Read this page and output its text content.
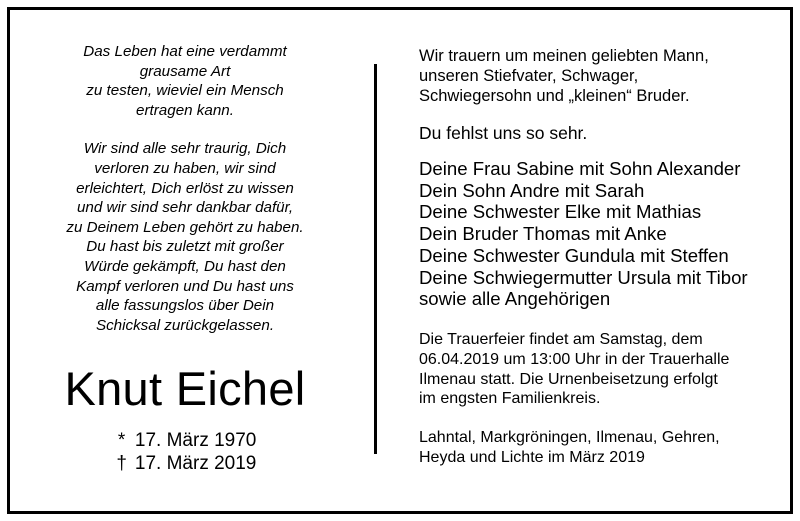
Das Leben hat eine verdammt

grausame Art

zu testen, wieviel ein Mensch

ertragen kann.

Wir sind alle sehr traurig, Dich

verloren zu haben, wir sind

erleichtert, Dich erlöst zu wissen

und wir sind sehr dankbar dafür,

zu Deinem Leben gehört zu haben.

Du hast bis zuletzt mit großer

Würde gekämpft, Du hast den

Kampf verloren und Du hast uns

alle fassungslos über Dein

Schicksal zurückgelassen.

Knut Eichel
* 17. März 1970
† 17. März 2019

Wir trauern um meinen geliebten Mann,

unseren Stiefvater, Schwager,

Schwiegersohn und „kleinen“ Bruder.

Du fehlst uns so sehr.

Deine Frau Sabine mit Sohn Alexander

Dein Sohn Andre mit Sarah

Deine Schwester Elke mit Mathias

Dein Bruder Thomas mit Anke

Deine Schwester Gundula mit Steffen

Deine Schwiegermutter Ursula mit Tibor

sowie alle Angehörigen

Die Trauerfeier findet am Samstag, dem

06.04.2019 um 13:00 Uhr in der Trauerhalle

Ilmenau statt. Die Urnenbeisetzung erfolgt

im engsten Familienkreis.

Lahntal, Markgröningen, Ilmenau, Gehren,

Heyda und Lichte im März 2019
